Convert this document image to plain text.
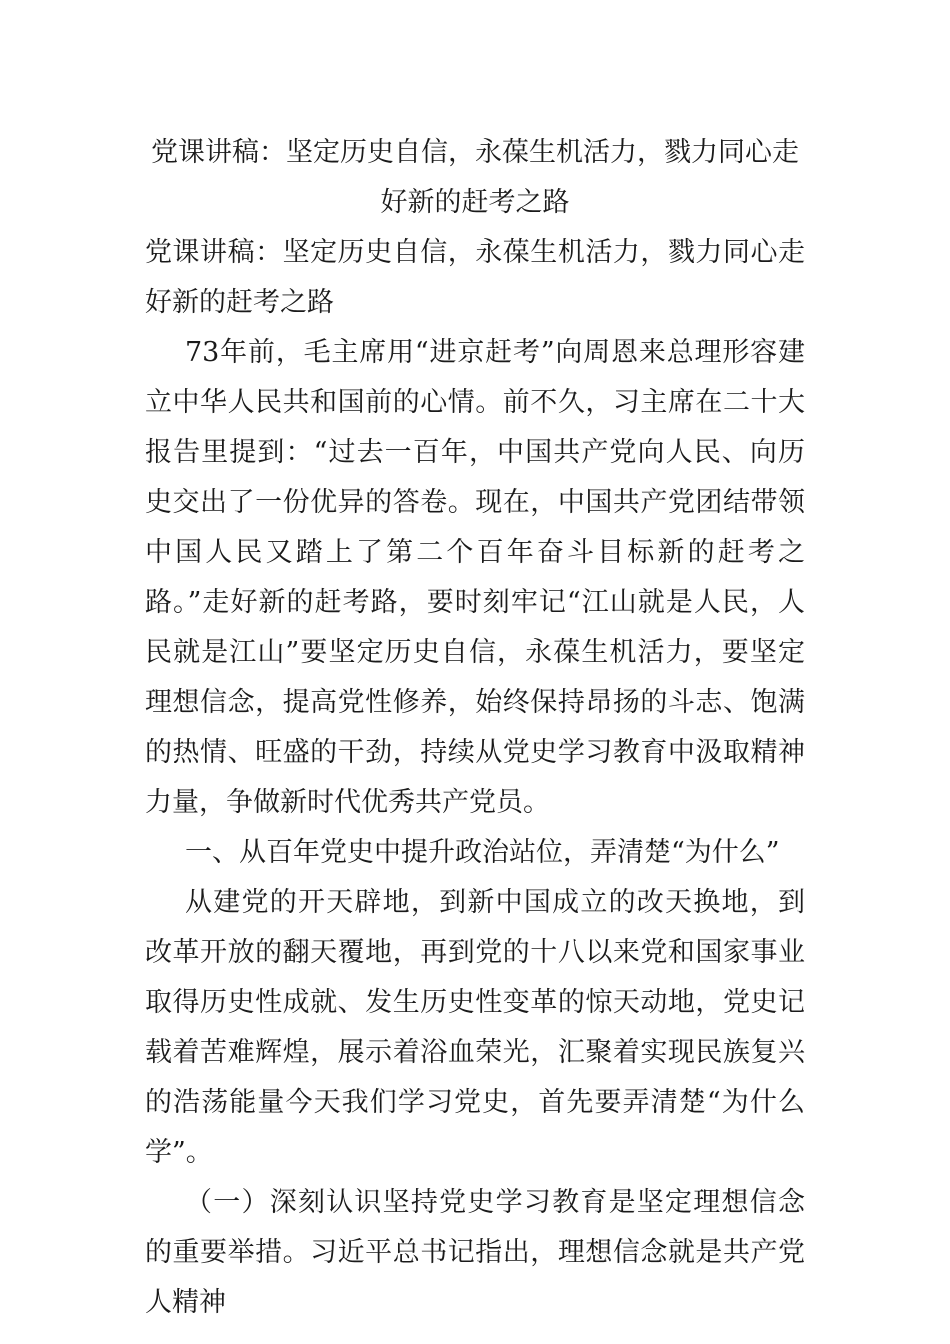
党课讲稿：坚定历史自信，永葆生机活力，戮力同心走好新的赶考之路

党课讲稿：坚定历史自信，永葆生机活力，戮力同心走好新的赶考之路

73年前，毛主席用“进京赶考”向周恩来总理形容建立中华人民共和国前的心情。前不久，习主席在二十大报告里提到：“过去一百年，中国共产党向人民、向历史交出了一份优异的答卷。现在，中国共产党团结带领中国人民又踏上了第二个百年奋斗目标新的赶考之路。”走好新的赶考路，要时刻牢记“江山就是人民，人民就是江山”要坚定历史自信，永葆生机活力，要坚定理想信念，提高党性修养，始终保持昂扬的斗志、饱满的热情、旺盛的干劲，持续从党史学习教育中汲取精神力量，争做新时代优秀共产党员。

一、从百年党史中提升政治站位，弄清楚“为什么”

从建党的开天辟地，到新中国成立的改天换地，到改革开放的翻天覆地，再到党的十八以来党和国家事业取得历史性成就、发生历史性变革的惊天动地，党史记载着苦难辉煌，展示着浴血荣光，汇聚着实现民族复兴的浩荡能量今天我们学习党史，首先要弄清楚“为什么学”。

（一）深刻认识坚持党史学习教育是坚定理想信念的重要举措。习近平总书记指出，理想信念就是共产党人精神
